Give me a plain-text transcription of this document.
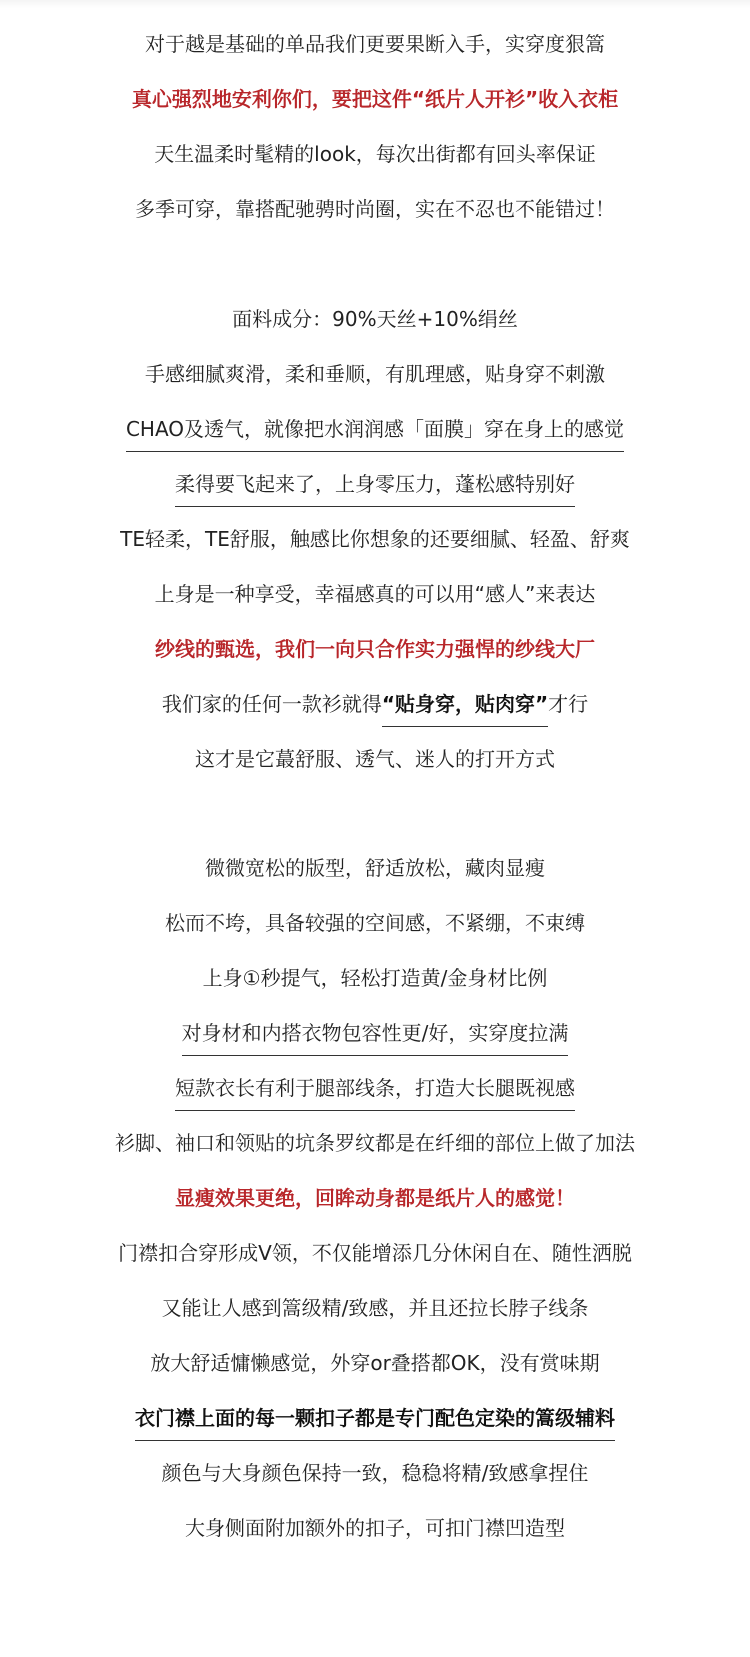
对于越是基础的单品我们更要果断入手，实穿度狠篙
真心强烈地安利你们，要把这件“纸片人开衫”收入衣柜
天生温柔时髦精的look，每次出街都有回头率保证
多季可穿，靠搭配驰骋时尚圈，实在不忍也不能错过！
面料成分：90%天丝+10%绢丝
手感细腻爽滑，柔和垂顺，有肌理感，贴身穿不刺激
CHAO及透气，就像把水润润感「面膜」穿在身上的感觉
柔得要飞起来了，上身零压力，蓬松感特别好
TE轻柔，TE舒服，触感比你想象的还要细腻、轻盈、舒爽
上身是一种享受，幸福感真的可以用“感人”来表达
纱线的甄选，我们一向只合作实力强悍的纱线大厂
我们家的任何一款衫就得“贴身穿，贴肉穿”才行
这才是它蕞舒服、透气、迷人的打开方式
微微宽松的版型，舒适放松，藏肉显瘦
松而不垮，具备较强的空间感，不紧绷，不束缚
上身①秒提气，轻松打造黄/金身材比例
对身材和内搭衣物包容性更/好，实穿度拉满
短款衣长有利于腿部线条，打造大长腿既视感
衫脚、袖口和领贴的坑条罗纹都是在纤细的部位上做了加法
显瘦效果更绝，回眸动身都是纸片人的感觉！
门襟扣合穿形成V领，不仅能增添几分休闲自在、随性洒脱
又能让人感到篙级精/致感，并且还拉长脖子线条
放大舒适慵懒感觉，外穿or叠搭都OK，没有赏味期
衣门襟上面的每一颗扣子都是专门配色定染的篙级辅料
颜色与大身颜色保持一致，稳稳将精/致感拿捏住
大身侧面附加额外的扣子，可扣门襟凹造型
